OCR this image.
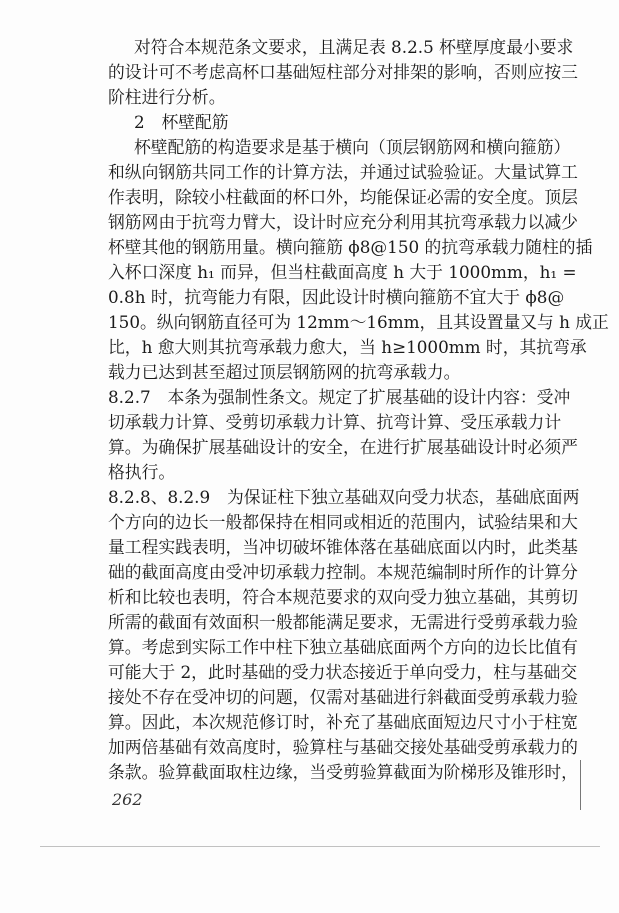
对符合本规范条文要求，且满足表 8.2.5 杯壁厚度最小要求
的设计可不考虑高杯口基础短柱部分对排架的影响，否则应按三
阶柱进行分析。
2　杯壁配筋
杯壁配筋的构造要求是基于横向（顶层钢筋网和横向箍筋）
和纵向钢筋共同工作的计算方法，并通过试验验证。大量试算工
作表明，除较小柱截面的杯口外，均能保证必需的安全度。顶层
钢筋网由于抗弯力臂大，设计时应充分利用其抗弯承载力以减少
杯壁其他的钢筋用量。横向箍筋 ϕ8@150 的抗弯承载力随柱的插
入杯口深度 h₁ 而异，但当柱截面高度 h 大于 1000mm，h₁ =
0.8h 时，抗弯能力有限，因此设计时横向箍筋不宜大于 ϕ8@
150。纵向钢筋直径可为 12mm～16mm，且其设置量又与 h 成正
比，h 愈大则其抗弯承载力愈大，当 h≥1000mm 时，其抗弯承
载力已达到甚至超过顶层钢筋网的抗弯承载力。
8.2.7　本条为强制性条文。规定了扩展基础的设计内容：受冲
切承载力计算、受剪切承载力计算、抗弯计算、受压承载力计
算。为确保扩展基础设计的安全，在进行扩展基础设计时必须严
格执行。
8.2.8、8.2.9　为保证柱下独立基础双向受力状态，基础底面两
个方向的边长一般都保持在相同或相近的范围内，试验结果和大
量工程实践表明，当冲切破坏锥体落在基础底面以内时，此类基
础的截面高度由受冲切承载力控制。本规范编制时所作的计算分
析和比较也表明，符合本规范要求的双向受力独立基础，其剪切
所需的截面有效面积一般都能满足要求，无需进行受剪承载力验
算。考虑到实际工作中柱下独立基础底面两个方向的边长比值有
可能大于 2，此时基础的受力状态接近于单向受力，柱与基础交
接处不存在受冲切的问题，仅需对基础进行斜截面受剪承载力验
算。因此，本次规范修订时，补充了基础底面短边尺寸小于柱宽
加两倍基础有效高度时，验算柱与基础交接处基础受剪承载力的
条款。验算截面取柱边缘，当受剪验算截面为阶梯形及锥形时，
262
